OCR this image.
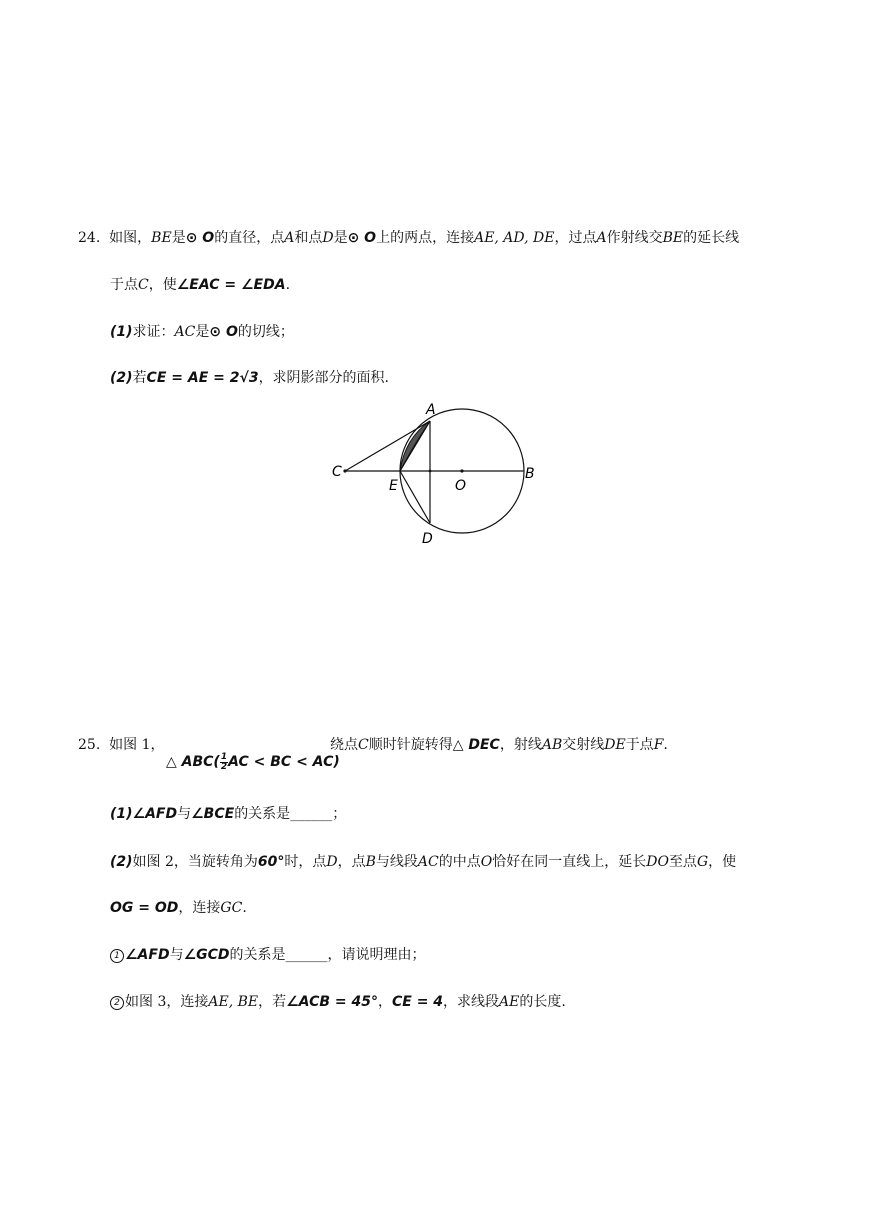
24. 如图，BE是⊙ O的直径，点A和点D是⊙ O上的两点，连接AE, AD, DE，过点A作射线交BE的延长线
于点C，使∠EAC = ∠EDA.
(1)求证：AC是⊙ O的切线；
(2)若CE = AE = 2√3，求阴影部分的面积.
A
B
C
E	O
D
25. 如图 1，
△ $ABC( \frac{1}{2}$ AC < BC < AC)
绕点C顺时针旋转得△ DEC，射线AB交射线DE于点F.
(1)∠AFD与∠BCE的关系是______；
(2)如图 2，当旋转角为60°时，点D，点B与线段AC的中点O恰好在同一直线上，延长DO至点G，使
OG = OD，连接GC.
1 ∠AFD与∠GCD的关系是______，请说明理由；
2 如图 3，连接AE, BE，若∠ACB = 45°，CE = 4，求线段AE的长度.
